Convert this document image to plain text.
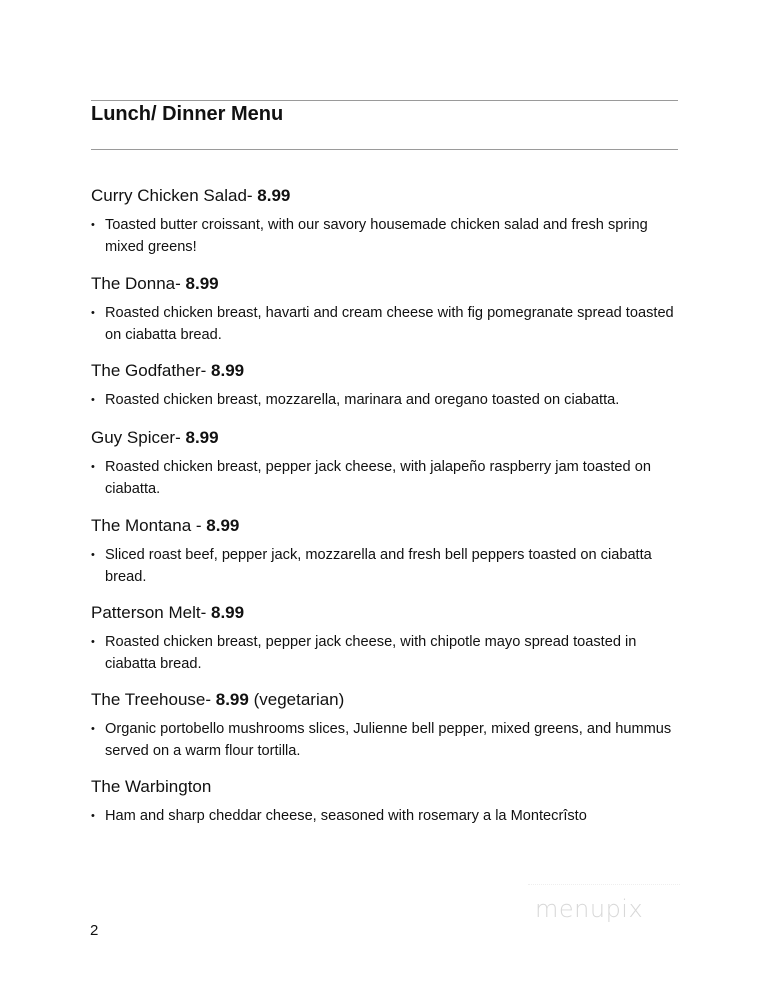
Lunch/ Dinner Menu

Curry Chicken Salad- 8.99

• Toasted butter croissant, with our savory housemade chicken salad and fresh spring mixed greens!

The Donna- 8.99

• Roasted chicken breast, havarti and cream cheese with fig pomegranate spread toasted on ciabatta bread.

The Godfather- 8.99

• Roasted chicken breast, mozzarella, marinara and oregano toasted on ciabatta.

Guy Spicer- 8.99

• Roasted chicken breast, pepper jack cheese, with jalapeño raspberry jam toasted on ciabatta.

The Montana - 8.99

• Sliced roast beef, pepper jack, mozzarella and fresh bell peppers toasted on ciabatta bread.

Patterson Melt- 8.99

• Roasted chicken breast, pepper jack cheese, with chipotle mayo spread toasted in ciabatta bread.

The Treehouse- 8.99 (vegetarian)

• Organic portobello mushrooms slices, Julienne bell pepper, mixed greens, and hummus served on a warm flour tortilla.

The Warbington

• Ham and sharp cheddar cheese, seasoned with rosemary a la Montecrîsto
menupix
2
